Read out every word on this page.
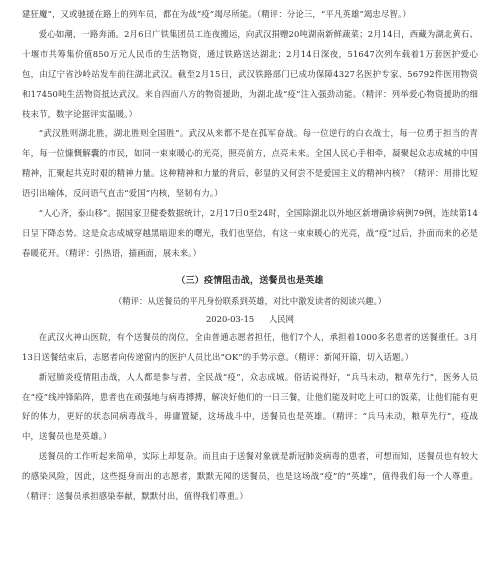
建狂魔”，又或驰援在路上的列车员，都在为战“疫”竭尽所能。（精评：分论三，“平凡英雄”竭忠尽智。）

爱心如潮，一路奔涌。2月6日广铁集团员工连夜搬运，向武汉捐赠20吨湖南新鲜蔬菜；2月14日，西藏为湖北黄石、十堰市共筹集价值850万元人民币的生活物资，通过铁路送达湖北；2月14日深夜，51647次列车载着1万套医护爱心包，由辽宁省沙岭站发车前往湖北武汉。截至2月15日，武汉铁路部门已成功保障4327名医护专家、56792件医用物资和17450吨生活物资抵达武汉。来自四面八方的物资援助，为湖北战“疫”注入强劲动能。（精评：列举爱心物资援助的细枝末节，数字论据评实温暖。）

“武汉胜则湖北胜，湖北胜则全国胜”。武汉从来都不是在孤军奋战。每一位逆行的白衣战士，每一位勇于担当的青年，每一位慷慨解囊的市民，如同一束束暖心的光亮，照亮前方，点亮未来。全国人民心手相牵，凝聚起众志成城的中国精神，汇聚起共克时艰的精神力量。这种精神和力量的背后，彰显的又何尝不是爱国主义的精神内核？（精评：用排比短语引出喻体，反问语气直击“爱国”内核，坚韧有力。）

“人心齐，泰山移”。据国家卫健委数据统计，2月17日0至24时，全国除湖北以外地区新增确诊病例79例，连续第14日呈下降态势。这是众志成城穿越黑暗迎来的曙光，我们也坚信，有这一束束暖心的光亮，战“疫”过后，扑面而来的必是春暖花开。（精评：引热语，描画面，展未来。）

（三）疫情阻击战，送餐员也是英雄

（精评：从送餐员的平凡身份联系到英雄，对比中激发读者的阅读兴趣。）

2020-03-15 人民网

在武汉火神山医院，有个送餐员的岗位，全由普通志愿者担任，他们7个人，承担着1000多名患者的送餐重任。3月13日送餐结束后，志愿者向传递窗内的医护人员比出“OK”的手势示意。（精评：新闻开篇，切入话题。）

新冠肺炎疫情阻击战，人人都是参与者，全民战“疫”，众志成城。俗话说得好，“兵马未动，粮草先行”，医务人员在“疫”线冲锋陷阵，患者也在顽强地与病毒搏搏，解决好他们的一日三餐，让他们能及时吃上可口的饭菜，让他们能有更好的体力，更好的状态同病毒战斗，毋庸置疑，这场战斗中，送餐员也是英雄。（精评：“兵马未动，粮草先行”，疫战中，送餐员也是英雄。）

送餐员的工作听起来简单，实际上却复杂。而且由于送餐对象就是新冠肺炎病毒的患者，可想而知，送餐员也有较大的感染风险，因此，这些挺身而出的志愿者，默默无闻的送餐员，也是这场战“疫”的“英雄”，值得我们每一个人尊重。（精评：送餐员承担感染奉献，默默付出，值得我们尊重。）
